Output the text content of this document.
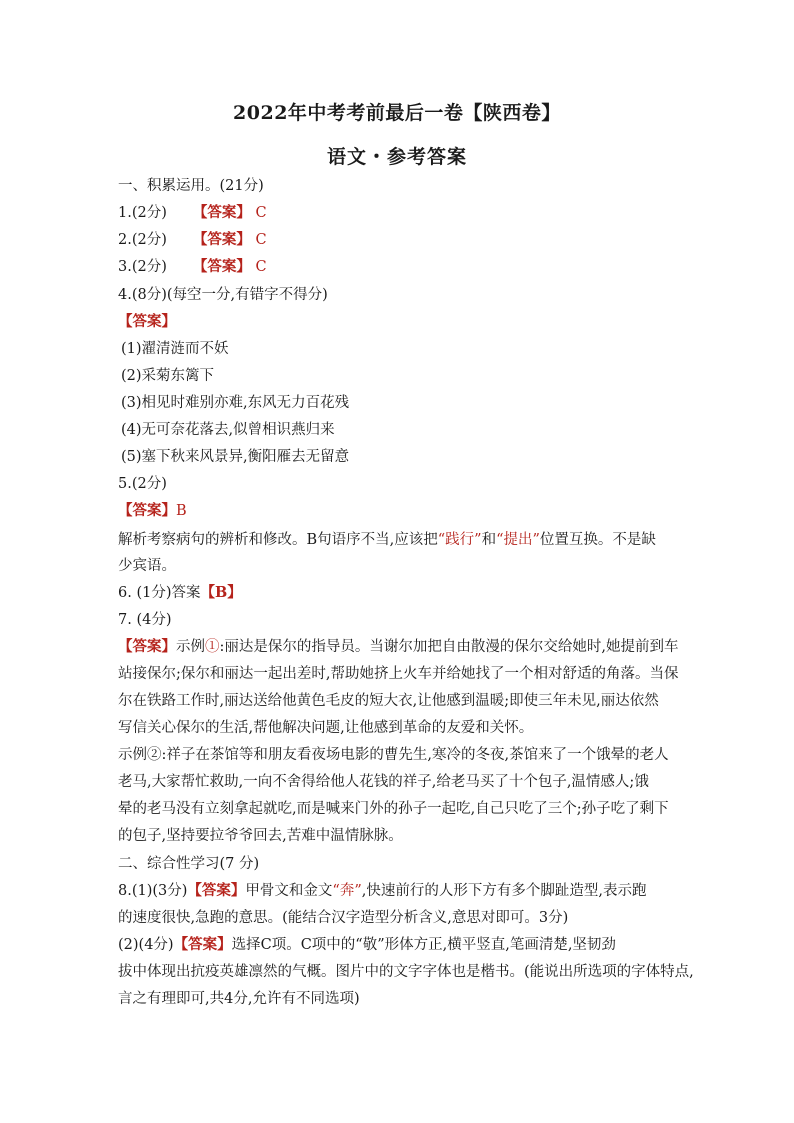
2022年中考考前最后一卷【陕西卷】
语文・参考答案
一、积累运用。(21分)
1.(2分) 【答案】 C
2.(2分) 【答案】 C
3.(2分) 【答案】 C
4.(8分)(每空一分,有错字不得分)
【答案】
(1)濯清涟而不妖
(2)采菊东篱下
(3)相见时难别亦难,东风无力百花残
(4)无可奈花落去,似曾相识燕归来
(5)塞下秋来风景异,衡阳雁去无留意
5.(2分)
【答案】B
解析考察病句的辨析和修改。B句语序不当,应该把“践行”和“提出”位置互换。不是缺
少宾语。
6. (1分)答案【B】
7. (4分)
【答案】示例①:丽达是保尔的指导员。当谢尔加把自由散漫的保尔交给她时,她提前到车
站接保尔;保尔和丽达一起出差时,帮助她挤上火车并给她找了一个相对舒适的角落。当保
尔在铁路工作时,丽达送给他黄色毛皮的短大衣,让他感到温暖;即使三年未见,丽达依然
写信关心保尔的生活,帮他解决问题,让他感到革命的友爱和关怀。
示例②:祥子在茶馆等和朋友看夜场电影的曹先生,寒冷的冬夜,茶馆来了一个饿晕的老人
老马,大家帮忙救助,一向不舍得给他人花钱的祥子,给老马买了十个包子,温情感人;饿
晕的老马没有立刻拿起就吃,而是喊来门外的孙子一起吃,自己只吃了三个;孙子吃了剩下
的包子,坚持要拉爷爷回去,苦难中温情脉脉。
二、综合性学习(7 分)
8.(1)(3分)【答案】甲骨文和金文“奔”,快速前行的人形下方有多个脚趾造型,表示跑
的速度很快,急跑的意思。(能结合汉字造型分析含义,意思对即可。3分)
(2)(4分)【答案】选择C项。C项中的“敬”形体方正,横平竖直,笔画清楚,坚韧劲
拔中体现出抗疫英雄凛然的气概。图片中的文字字体也是楷书。(能说出所选项的字体特点,
言之有理即可,共4分,允许有不同选项)
